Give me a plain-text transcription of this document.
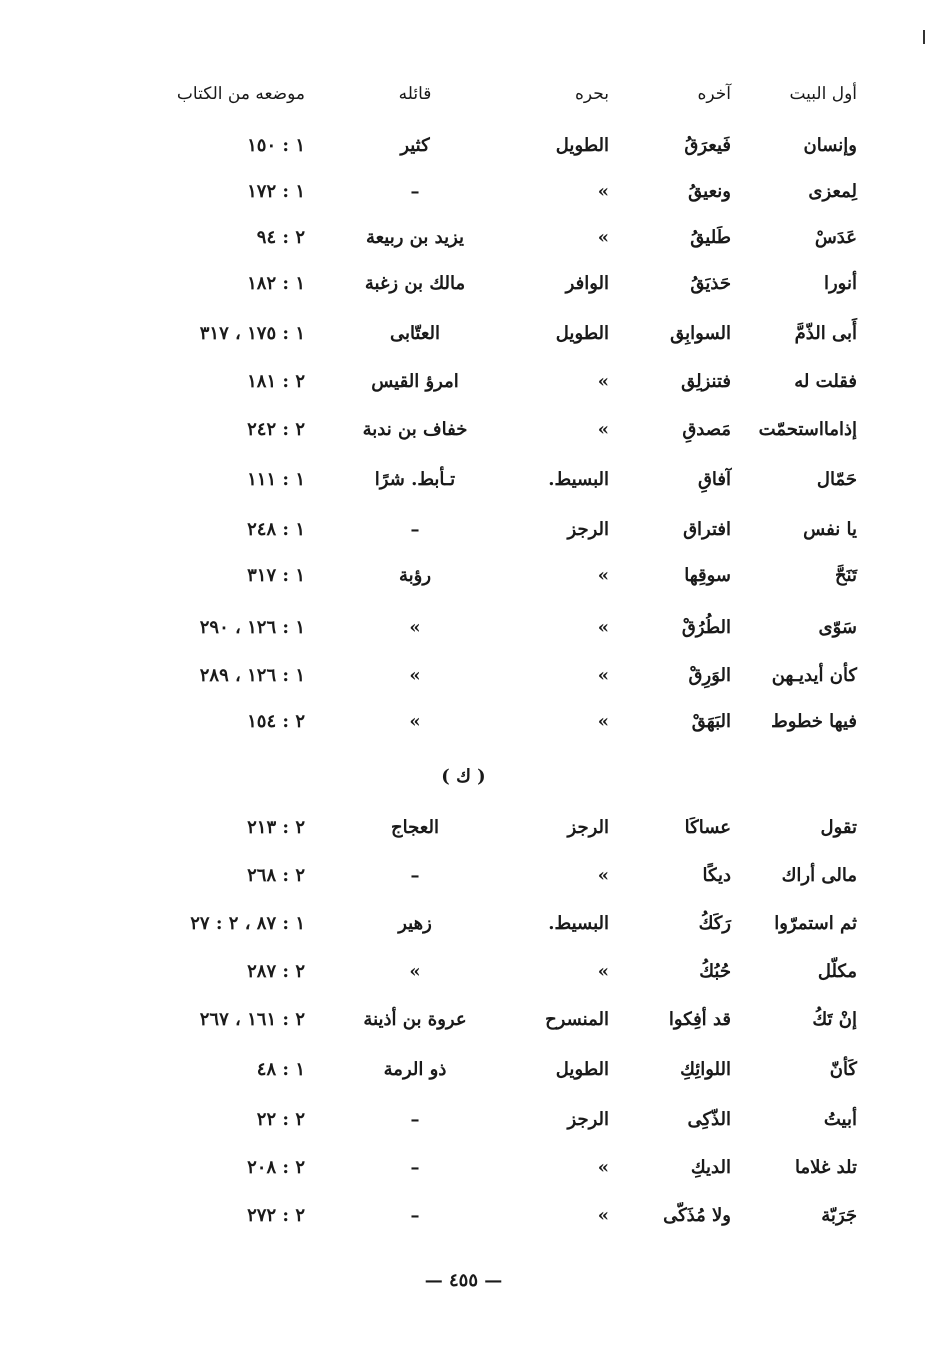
أول البيت
آخره
بحره
قائله
موضعه من الكتاب
وإنسان
فَيعرَقُ
الطويل
كثير
١ : ١٥٠
لِمعزى
ونعيقُ
»
–
١ : ١٧٢
عَدَسْ
طَليقُ
»
يزيد بن ربيعة
٢ : ٩٤
أنورا
حَذيَقُ
الوافر
مالك بن زغبة
١ : ١٨٢
أَبى الذّمَّ
السوابِق
الطويل
العتّابى
١ : ١٧٥ ، ٣١٧
فقلت له
فتنزلِق
»
امرؤ القيس
٢ : ١٨١
إذامااستحمّت
مَصدقِ
»
خفاف بن ندبة
٢ : ٢٤٢
حَمّال
آفاقِ
البسيط.
تـأبط. شرًا
١ : ١١١
يا نفس
افتراق
الرجز
–
١ : ٢٤٨
تَنَحَّ
سوقِها
»
رؤبة
١ : ٣١٧
سَوّى
الطُرُقْ
»
»
١ : ١٢٦ ، ٢٩٠
كأن أيديـهن
الوَرِقْ
»
»
١ : ١٢٦ ، ٢٨٩
فيها خطوط
البَهَقْ
»
»
٢ : ١٥٤
( ك )
تقول
عساكَا
الرجز
العجاج
٢ : ٢١٣
مالى أراك
ديكًا
»
–
٢ : ٢٦٨
ثم استمرّوا
رَكَكُ
البسيط.
زهير
١ : ٨٧ ، ٢ : ٢٧
مكلّل
حُبُكُ
»
»
٢ : ٢٨٧
إنْ تَكُ
قد أفِكوا
المنسرح
عروة بن أذينة
٢ : ١٦١ ، ٢٦٧
كَأنّ
اللوائِكِ
الطويل
ذو الرمة
١ : ٤٨
أبيتُ
الذّكِى
الرجز
–
٢ : ٢٢
تلد غلاما
الديكِ
»
–
٢ : ٢٠٨
جَرَبّة
ولا مُذَكّى
»
–
٢ : ٢٧٢
— ٤٥٥ —
